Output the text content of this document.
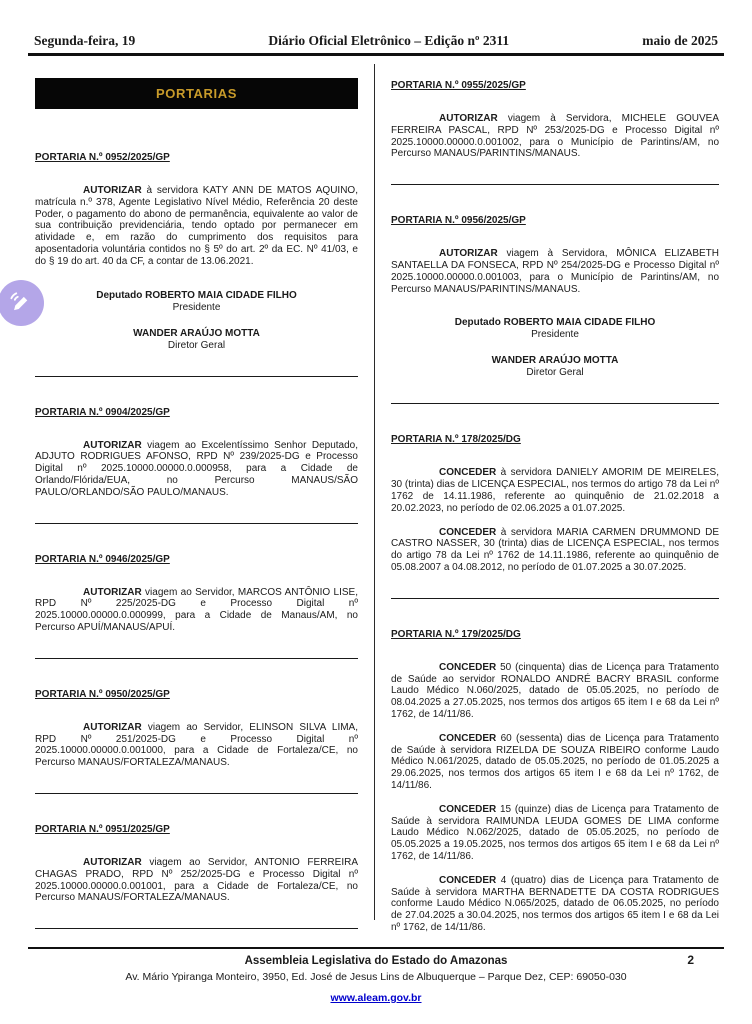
Segunda-feira, 19	Diário Oficial Eletrônico – Edição nº 2311	maio de 2025
PORTARIAS
PORTARIA N.º 0952/2025/GP

AUTORIZAR à servidora KATY ANN DE MATOS AQUINO, matrícula n.º 378, Agente Legislativo Nível Médio, Referência 20 deste Poder, o pagamento do abono de permanência, equivalente ao valor de sua contribuição previdenciária, tendo optado por permanecer em atividade e, em razão do cumprimento dos requisitos para aposentadoria voluntária contidos no § 5º do art. 2º da EC. Nº 41/03, e do § 19 do art. 40 da CF, a contar de 13.06.2021.

Deputado ROBERTO MAIA CIDADE FILHO
Presidente
WANDER ARAÚJO MOTTA
Diretor Geral
PORTARIA N.º 0904/2025/GP

AUTORIZAR viagem ao Excelentíssimo Senhor Deputado, ADJUTO RODRIGUES AFONSO, RPD Nº 239/2025-DG e Processo Digital nº 2025.10000.00000.0.000958, para a Cidade de Orlando/Flórida/EUA, no Percurso MANAUS/SÃO PAULO/ORLANDO/SÃO PAULO/MANAUS.

PORTARIA N.º 0946/2025/GP

AUTORIZAR viagem ao Servidor, MARCOS ANTÔNIO LISE, RPD Nº 225/2025-DG e Processo Digital nº 2025.10000.00000.0.000999, para a Cidade de Manaus/AM, no Percurso APUÍ/MANAUS/APUÍ.

PORTARIA N.º 0950/2025/GP

AUTORIZAR viagem ao Servidor, ELINSON SILVA LIMA, RPD Nº 251/2025-DG e Processo Digital nº 2025.10000.00000.0.001000, para a Cidade de Fortaleza/CE, no Percurso MANAUS/FORTALEZA/MANAUS.

PORTARIA N.º 0951/2025/GP

AUTORIZAR viagem ao Servidor, ANTONIO FERREIRA CHAGAS PRADO, RPD Nº 252/2025-DG e Processo Digital nº 2025.10000.00000.0.001001, para a Cidade de Fortaleza/CE, no Percurso MANAUS/FORTALEZA/MANAUS.

PORTARIA N.º 0955/2025/GP

AUTORIZAR viagem à Servidora, MICHELE GOUVEA FERREIRA PASCAL, RPD Nº 253/2025-DG e Processo Digital nº 2025.10000.00000.0.001002, para o Município de Parintins/AM, no Percurso MANAUS/PARINTINS/MANAUS.

PORTARIA N.º 0956/2025/GP

AUTORIZAR viagem à Servidora, MÔNICA ELIZABETH SANTAELLA DA FONSECA, RPD Nº 254/2025-DG e Processo Digital nº 2025.10000.00000.0.001003, para o Município de Parintins/AM, no Percurso MANAUS/PARINTINS/MANAUS.

Deputado ROBERTO MAIA CIDADE FILHO
Presidente
WANDER ARAÚJO MOTTA
Diretor Geral
PORTARIA N.º 178/2025/DG

CONCEDER à servidora DANIELY AMORIM DE MEIRELES, 30 (trinta) dias de LICENÇA ESPECIAL, nos termos do artigo 78 da Lei nº 1762 de 14.11.1986, referente ao quinquênio de 21.02.2018 a 20.02.2023, no período de 02.06.2025 a 01.07.2025.

CONCEDER à servidora MARIA CARMEN DRUMMOND DE CASTRO NASSER, 30 (trinta) dias de LICENÇA ESPECIAL, nos termos do artigo 78 da Lei nº 1762 de 14.11.1986, referente ao quinquênio de 05.08.2007 a 04.08.2012, no período de 01.07.2025 a 30.07.2025.

PORTARIA N.º 179/2025/DG

CONCEDER 50 (cinquenta) dias de Licença para Tratamento de Saúde ao servidor RONALDO ANDRÉ BACRY BRASIL conforme Laudo Médico N.060/2025, datado de 05.05.2025, no período de 08.04.2025 a 27.05.2025, nos termos dos artigos 65 item I e 68 da Lei nº 1762, de 14/11/86.

CONCEDER 60 (sessenta) dias de Licença para Tratamento de Saúde à servidora RIZELDA DE SOUZA RIBEIRO conforme Laudo Médico N.061/2025, datado de 05.05.2025, no período de 01.05.2025 a 29.06.2025, nos termos dos artigos 65 item I e 68 da Lei nº 1762, de 14/11/86.

CONCEDER 15 (quinze) dias de Licença para Tratamento de Saúde à servidora RAIMUNDA LEUDA GOMES DE LIMA conforme Laudo Médico N.062/2025, datado de 05.05.2025, no período de 05.05.2025 a 19.05.2025, nos termos dos artigos 65 item I e 68 da Lei nº 1762, de 14/11/86.

CONCEDER 4 (quatro) dias de Licença para Tratamento de Saúde à servidora MARTHA BERNADETTE DA COSTA RODRIGUES conforme Laudo Médico N.065/2025, datado de 06.05.2025, no período de 27.04.2025 a 30.04.2025, nos termos dos artigos 65 item I e 68 da Lei nº 1762, de 14/11/86.

Assembleia Legislativa do Estado do Amazonas
Av. Mário Ypiranga Monteiro, 3950, Ed. José de Jesus Lins de Albuquerque – Parque Dez, CEP: 69050-030
www.aleam.gov.br
2
